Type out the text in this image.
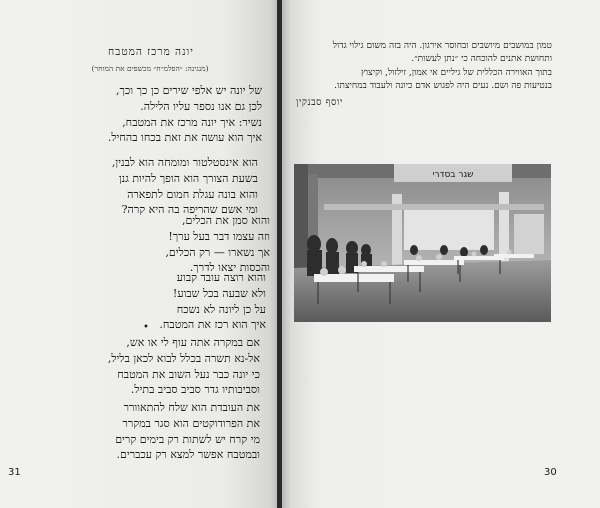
יונה מרכז המטבח
(מנגינה: ״הפלמ״ח״ מכשפים את המוחר)
של יונה יש אלפי שירים כן כך וכך,
לכן גם אנו נספר עליו הלילה.
נשיר: איך יונה מרכז את המטבח,
איך הוא עושה את זאת בכחו בהחיל.
הוא אינסטלטור ומומחה הוא לבנין,
בשעת הצורך הוא הופך להיות גנן
והוא בונה עגלת חמום לתפארה
ומי אשם שהריפה בה היא קרה?
והוא סמן את הכלים,
וזה עצמו דבר בעל ערך!
אך נשארו — רק הכלים,
והכסות יצאו לדרך.
והוא רוצה עובד קבוע
ולא שבעה בכל שבוע!
על כן ליונה לא נשכח
איך הוא רכז את המטבח.
•
אם במקרה אתה עוף לי או אש,
אל-נא תשרה בכלל לבוא לכאן בליל,
כי יונה כבר נעל השוב את המטבח
וסביבותיו גדר סביב סביב בתיל.
את העובדת הוא שלח להתאוורר
את הפרודוקטים הוא סגר במקרר
מי קרח יש לשתות רק בימים קרים
ובמטבח אפשר למצא רק עכברים.
31	30
טמון במושבים מיושבים ובחוסר אירגון. היה בזה משום גילוי גדול
ותחושת אתנים להוכחה כי ״נתן לעשות״.
בתוך האווירה הכללית של גיליים אי אמון, זילזול, וקיצוץ
בנטיעות פה ושם. נעים היה לפגוש אדם כיונה ולעבוד במחיצתו.
יוסף סבנקין
שגר בסדרי
